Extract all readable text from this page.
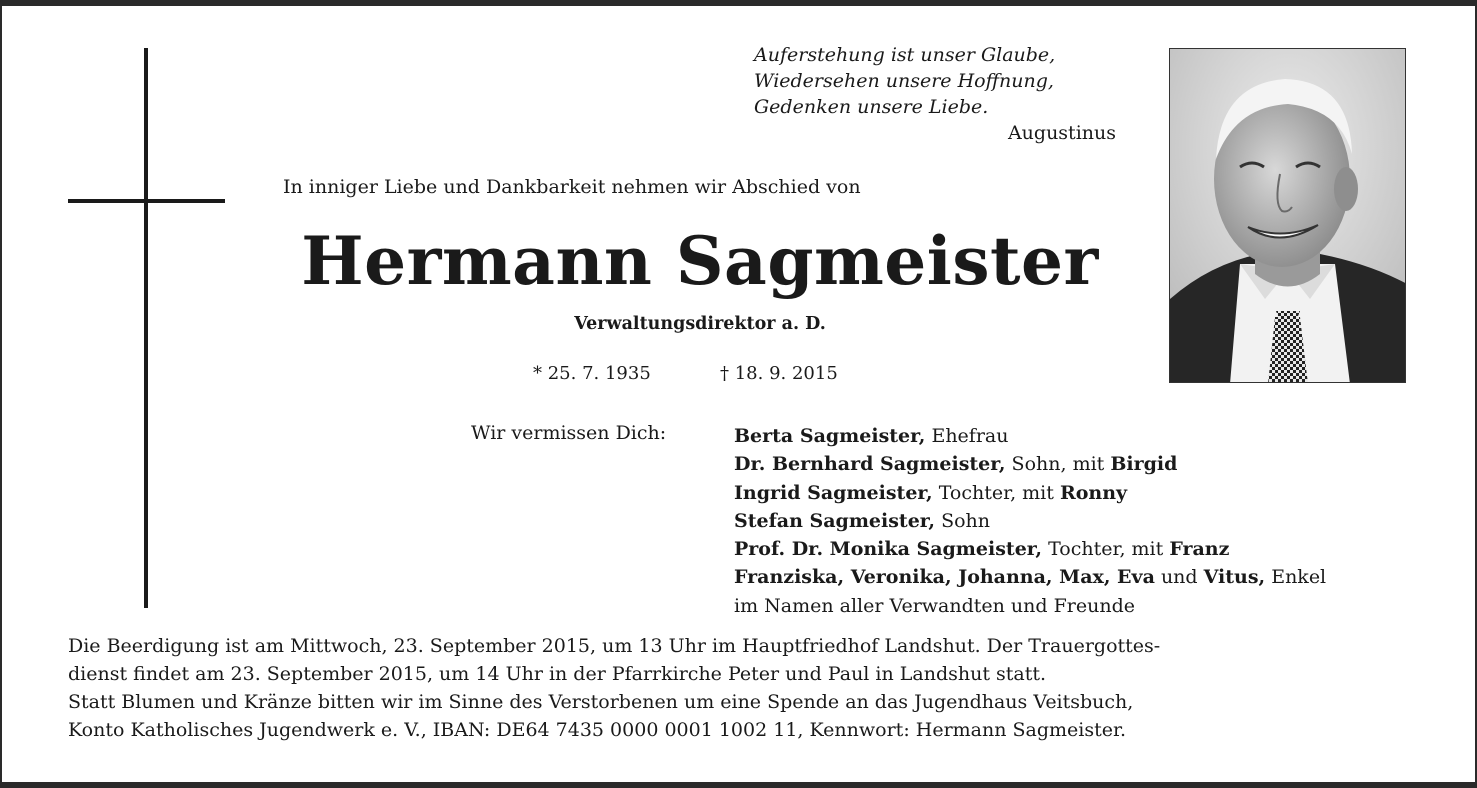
Auferstehung ist unser Glaube,
Wiedersehen unsere Hoffnung,
Gedenken unsere Liebe.
Augustinus
In inniger Liebe und Dankbarkeit nehmen wir Abschied von
Hermann Sagmeister
Verwaltungsdirektor a. D.
* 25. 7. 1935	† 18. 9. 2015
Wir vermissen Dich:	Berta Sagmeister, Ehefrau
Dr. Bernhard Sagmeister, Sohn, mit Birgid
Ingrid Sagmeister, Tochter, mit Ronny
Stefan Sagmeister, Sohn
Prof. Dr. Monika Sagmeister, Tochter, mit Franz
Franziska, Veronika, Johanna, Max, Eva und Vitus, Enkel
im Namen aller Verwandten und Freunde
Die Beerdigung ist am Mittwoch, 23. September 2015, um 13 Uhr im Hauptfriedhof Landshut. Der Trauergottes-
dienst findet am 23. September 2015, um 14 Uhr in der Pfarrkirche Peter und Paul in Landshut statt.
Statt Blumen und Kränze bitten wir im Sinne des Verstorbenen um eine Spende an das Jugendhaus Veitsbuch,
Konto Katholisches Jugendwerk e. V., IBAN: DE64 7435 0000 0001 1002 11, Kennwort: Hermann Sagmeister.
